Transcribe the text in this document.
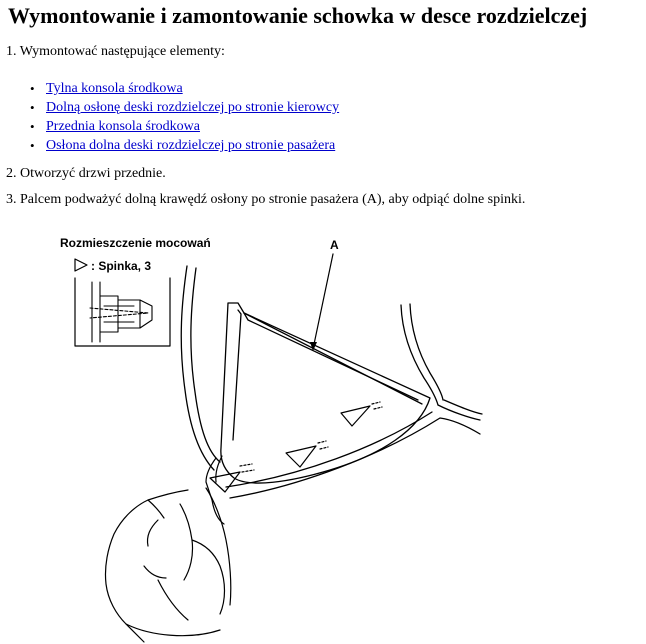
Wymontowanie i zamontowanie schowka w desce rozdzielczej
1. Wymontować następujące elementy:
• Tylna konsola środkowa
• Dolną osłonę deski rozdzielczej po stronie kierowcy
• Przednia konsola środkowa
• Osłona dolna deski rozdzielczej po stronie pasażera
2. Otworzyć drzwi przednie.
3. Palcem podważyć dolną krawędź osłony po stronie pasażera (A), aby odpiąć dolne spinki.
Rozmieszczenie mocowań
: Spinka, 3
A
